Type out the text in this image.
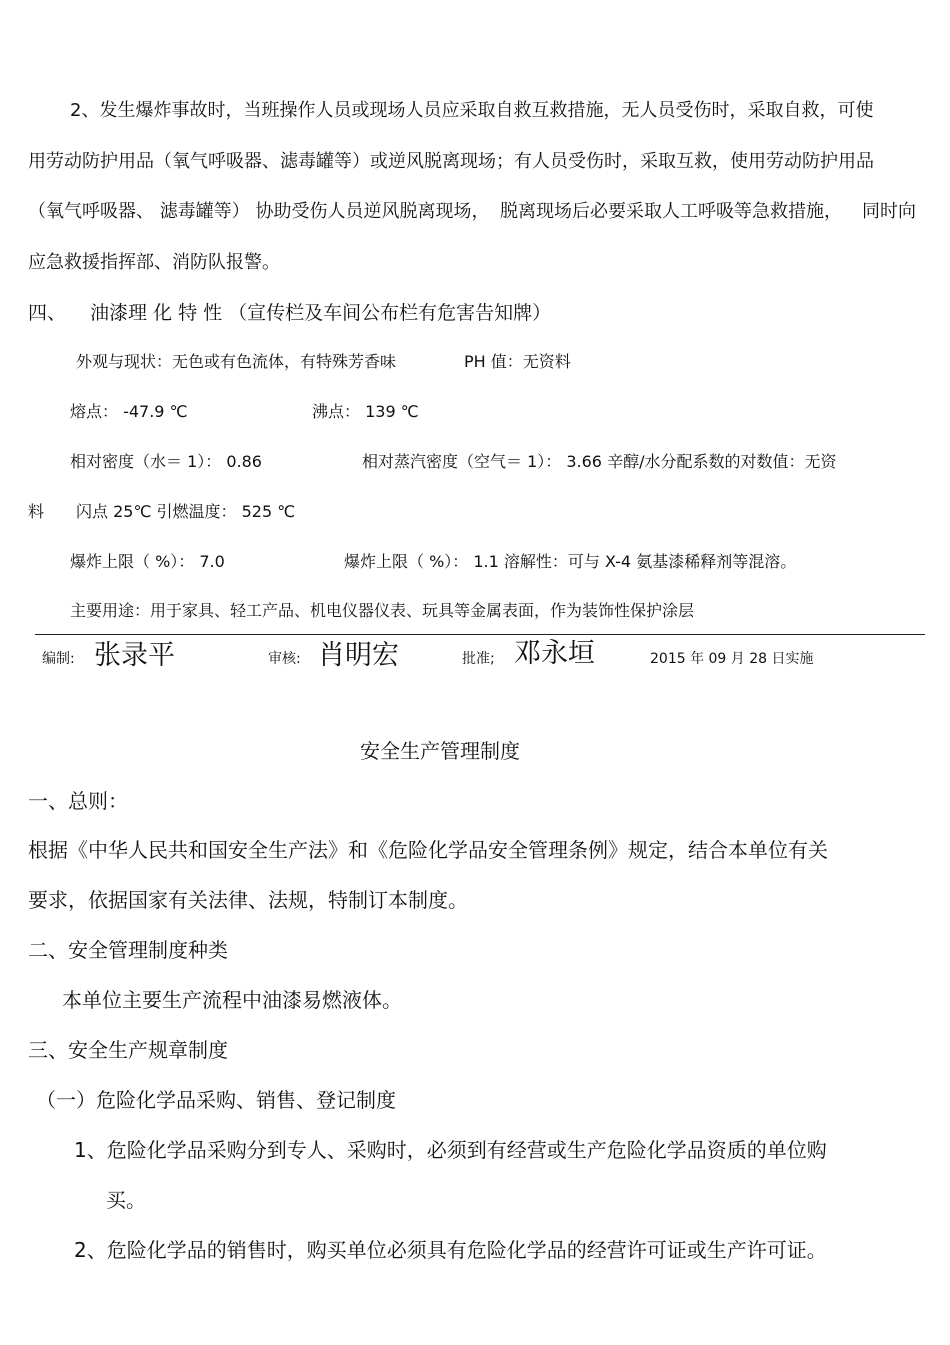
2、发生爆炸事故时，当班操作人员或现场人员应采取自救互救措施，无人员受伤时，采取自救，可使
用劳动防护用品（氧气呼吸器、滤毒罐等）或逆风脱离现场；有人员受伤时，采取互救，使用劳动防护用品
（氧气呼吸器、 滤毒罐等） 协助受伤人员逆风脱离现场， 脱离现场后必要采取人工呼吸等急救措施， 同时向
应急救援指挥部、消防队报警。
四、 油漆理 化 特 性 （宣传栏及车间公布栏有危害告知牌）
外观与现状：无色或有色流体，有特殊芳香味	PH 值：无资料
熔点： -47.9 ℃	沸点： 139 ℃
相对密度（水＝ 1）： 0.86	相对蒸汽密度（空气＝ 1）： 3.66 辛醇/水分配系数的对数值：无资
料 闪点 25℃ 引燃温度： 525 ℃
爆炸上限（ %）： 7.0	爆炸上限（ %）： 1.1 溶解性：可与 X-4 氨基漆稀释剂等混溶。
主要用途：用于家具、轻工产品、机电仪器仪表、玩具等金属表面，作为装饰性保护涂层
编制: 张录平	审核: 肖明宏	批准; 邓永垣	2015 年 09 月 28 日实施
安全生产管理制度
一、总则：
根据《中华人民共和国安全生产法》和《危险化学品安全管理条例》规定，结合本单位有关
要求，依据国家有关法律、法规，特制订本制度。
二、安全管理制度种类
本单位主要生产流程中油漆易燃液体。
三、安全生产规章制度
（一）危险化学品采购、销售、登记制度
1、危险化学品采购分到专人、采购时，必须到有经营或生产危险化学品资质的单位购
买。
2、危险化学品的销售时，购买单位必须具有危险化学品的经营许可证或生产许可证。
